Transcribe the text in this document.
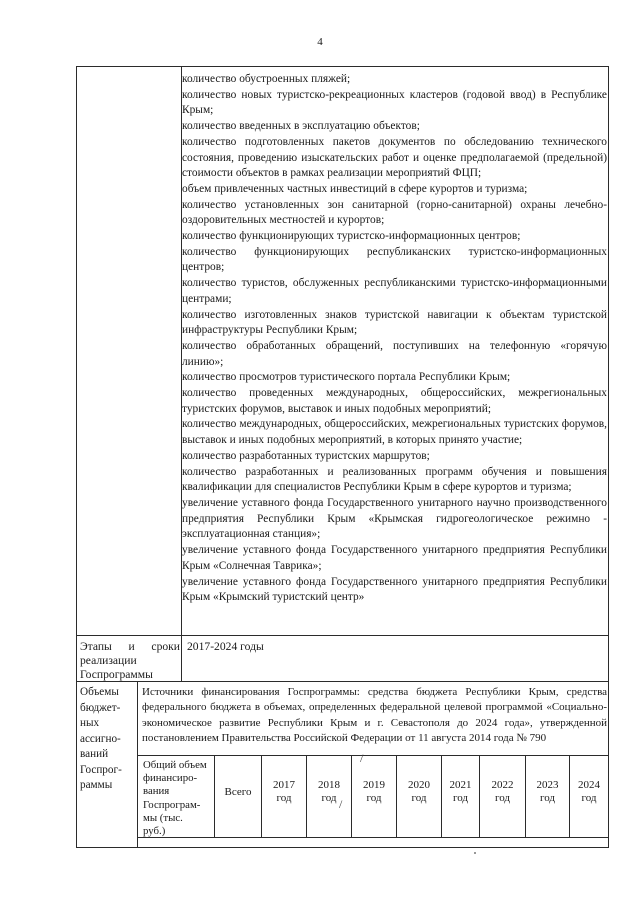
4

количество обустроенных пляжей;

количество новых туристско-рекреационных кластеров (годовой ввод) в Республике Крым;

количество введенных в эксплуатацию объектов;

количество подготовленных пакетов документов по обследованию технического состояния, проведению изыскательских работ и оценке предполагаемой (предельной) стоимости объектов в рамках реализации мероприятий ФЦП;

объем привлеченных частных инвестиций в сфере курортов и туризма;

количество установленных зон санитарной (горно-санитарной) охраны лечебно-оздоровительных местностей и курортов;

количество функционирующих туристско-информационных центров;

количество функционирующих республиканских туристско-информационных центров;

количество туристов, обслуженных республиканскими туристско-информационными центрами;

количество изготовленных знаков туристской навигации к объектам туристской инфраструктуры Республики Крым;

количество обработанных обращений, поступивших на телефонную «горячую линию»;

количество просмотров туристического портала Республики Крым;

количество проведенных международных, общероссийских, межрегиональных туристских форумов, выставок и иных подобных мероприятий;

количество международных, общероссийских, межрегиональных туристских форумов, выставок и иных подобных мероприятий, в которых принято участие;

количество разработанных туристских маршрутов;

количество разработанных и реализованных программ обучения и повышения квалификации для специалистов Республики Крым в сфере курортов и туризма;

увеличение уставного фонда Государственного унитарного научно производственного предприятия Республики Крым «Крымская гидрогеологическое режимно - эксплуатационная станция»;

увеличение уставного фонда Государственного унитарного предприятия Республики Крым «Солнечная Таврика»;

увеличение уставного фонда Государственного унитарного предприятия Республики Крым «Крымский туристский центр»

Этапы и сроки
реализации
Госпрограммы
2017-2024 годы
Объемы
бюджет-
ных
ассигно-
ваний
Госпрог-
раммы
Источники финансирования Госпрограммы: средства бюджета Республики Крым, средства федерального бюджета в объемах, определенных федеральной целевой программой «Социально-экономическое развитие Республики Крым и г. Севастополя до 2024 года», утвержденной постановлением Правительства Российской Федерации от 11 августа 2014 года № 790
Общий объем
финансиро-
вания
Госпрограм-
мы (тыс.
руб.)
Всего
2017
год
2018
год
2019
год
2020
год
2021
год
2022
год
2023
год
2024
год
/
/
